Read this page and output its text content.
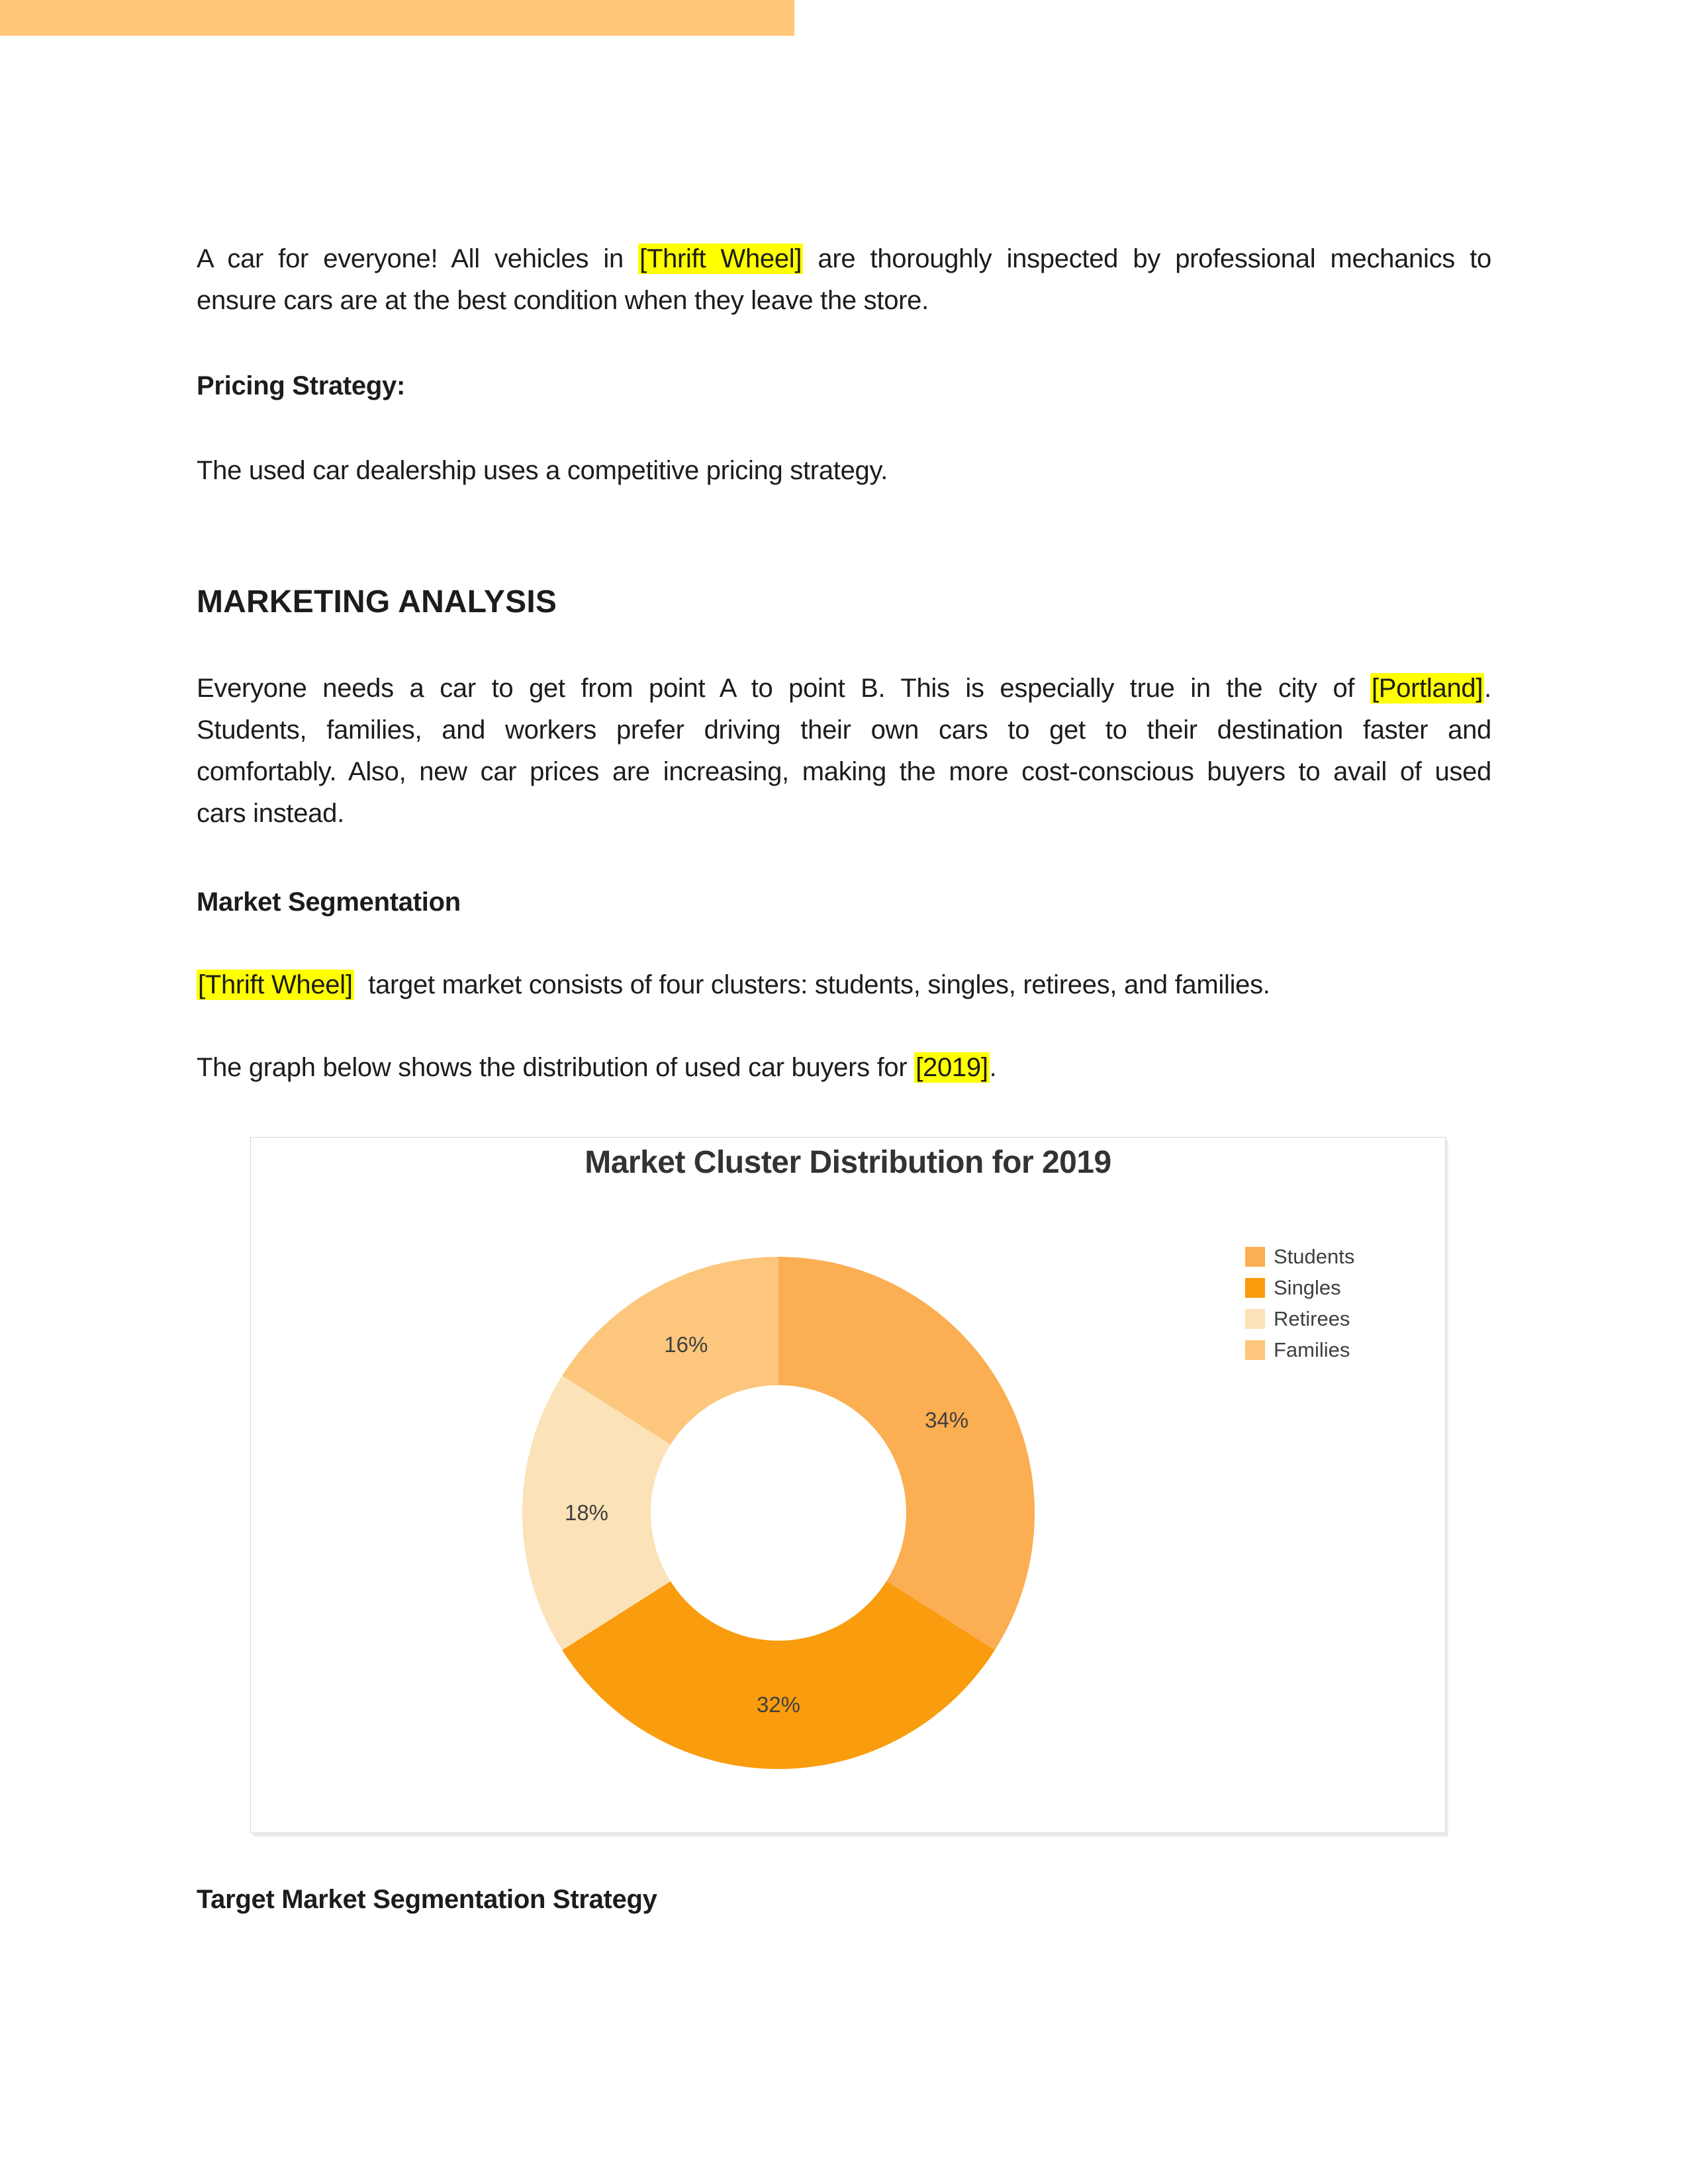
A car for everyone! All vehicles in [Thrift Wheel] are thoroughly inspected by professional mechanics to
ensure cars are at the best condition when they leave the store.
Pricing Strategy:
The used car dealership uses a competitive pricing strategy.
MARKETING ANALYSIS
Everyone needs a car to get from point A to point B. This is especially true in the city of [Portland].
Students, families, and workers prefer driving their own cars to get to their destination faster and
comfortably. Also, new car prices are increasing, making the more cost-conscious buyers to avail of used
cars instead.
Market Segmentation
[Thrift Wheel]  target market consists of four clusters: students, singles, retirees, and families.
The graph below shows the distribution of used car buyers for [2019].
Market Cluster Distribution for 2019
34%
32%
18%
16%
Students
Singles
Retirees
Families
Target Market Segmentation Strategy
